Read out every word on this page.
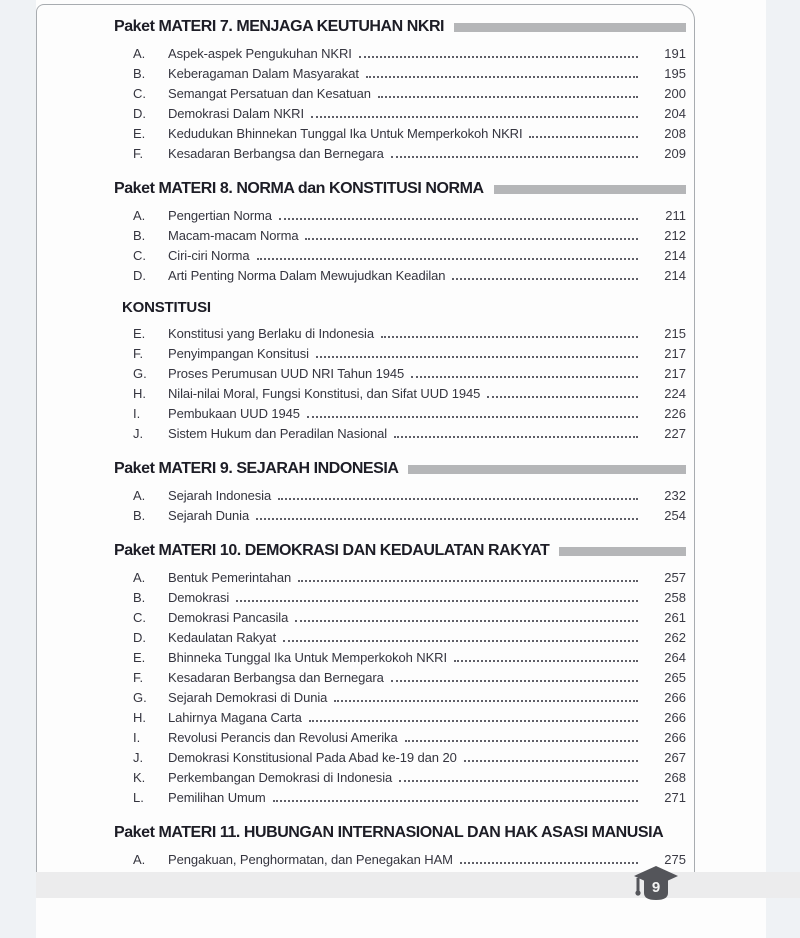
Paket MATERI 7. MENJAGA KEUTUHAN NKRI
A.	Aspek-aspek Pengukuhan NKRI	191
B.	Keberagaman Dalam Masyarakat	195
C.	Semangat Persatuan dan Kesatuan	200
D.	Demokrasi Dalam NKRI	204
E.	Kedudukan Bhinnekan Tunggal Ika Untuk Memperkokoh NKRI	208
F.	Kesadaran Berbangsa dan Bernegara	209
Paket MATERI 8. NORMA dan KONSTITUSI NORMA
A.	Pengertian Norma	211
B.	Macam-macam Norma	212
C.	Ciri-ciri Norma	214
D.	Arti Penting Norma Dalam Mewujudkan Keadilan	214
KONSTITUSI
E.	Konstitusi yang Berlaku di Indonesia	215
F.	Penyimpangan Konsitusi	217
G.	Proses Perumusan UUD NRI Tahun 1945	217
H.	Nilai-nilai Moral, Fungsi Konstitusi, dan Sifat UUD 1945	224
I.	Pembukaan UUD 1945	226
J.	Sistem Hukum dan Peradilan Nasional	227
Paket MATERI 9. SEJARAH INDONESIA
A.	Sejarah Indonesia	232
B.	Sejarah Dunia	254
Paket MATERI 10. DEMOKRASI DAN KEDAULATAN RAKYAT
A.	Bentuk Pemerintahan	257
B.	Demokrasi	258
C.	Demokrasi Pancasila	261
D.	Kedaulatan Rakyat	262
E.	Bhinneka Tunggal Ika Untuk Memperkokoh NKRI	264
F.	Kesadaran Berbangsa dan Bernegara	265
G.	Sejarah Demokrasi di Dunia	266
H.	Lahirnya Magana Carta	266
I.	Revolusi Perancis dan Revolusi Amerika	266
J.	Demokrasi Konstitusional Pada Abad ke-19 dan 20	267
K.	Perkembangan Demokrasi di Indonesia	268
L.	Pemilihan Umum	271
Paket MATERI 11. HUBUNGAN INTERNASIONAL DAN HAK ASASI MANUSIA
A.	Pengakuan, Penghormatan, dan Penegakan HAM	275
9
